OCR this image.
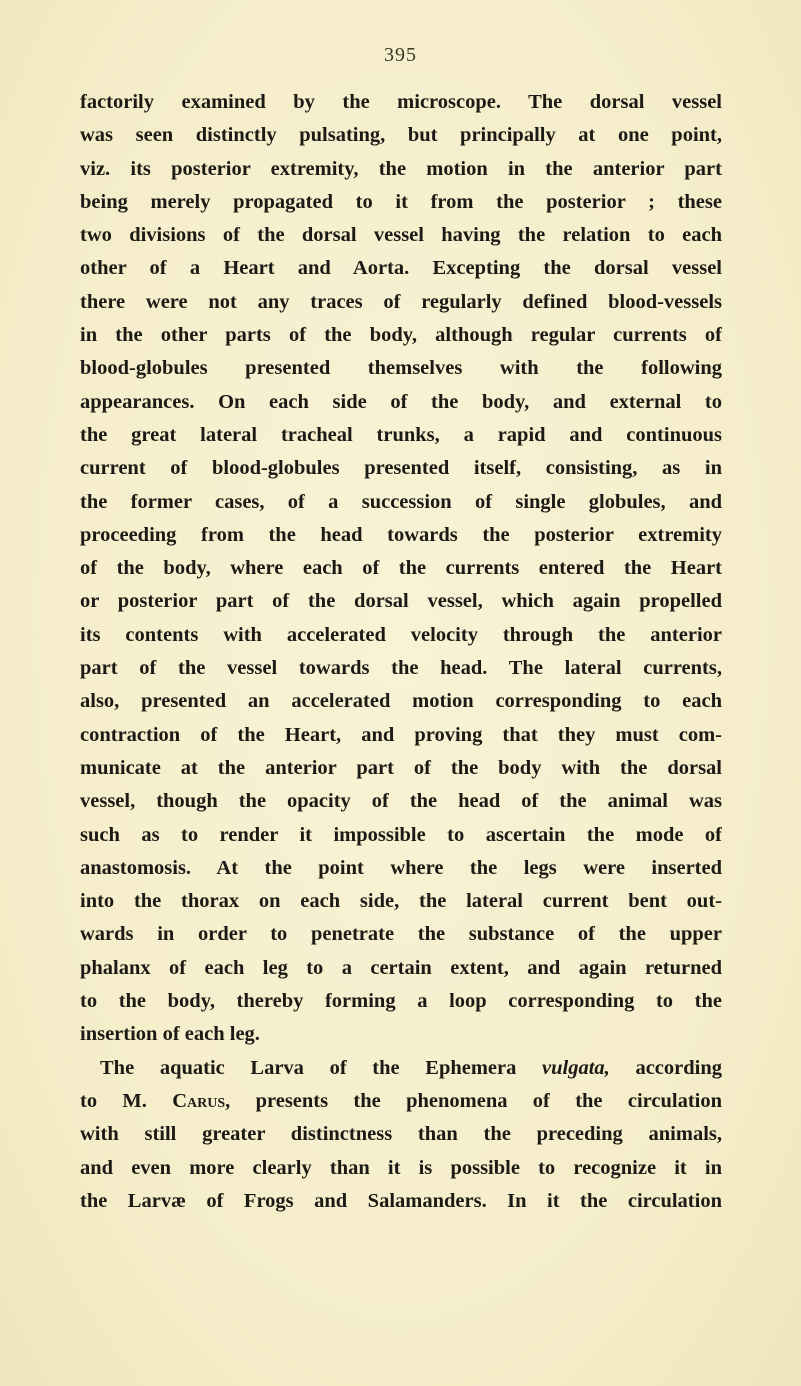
395
factorily examined by the microscope. The dorsal vessel
was seen distinctly pulsating, but principally at one point,
viz. its posterior extremity, the motion in the anterior part
being merely propagated to it from the posterior ; these
two divisions of the dorsal vessel having the relation to each
other of a Heart and Aorta. Excepting the dorsal vessel
there were not any traces of regularly defined blood-vessels
in the other parts of the body, although regular currents of
blood-globules presented themselves with the following
appearances. On each side of the body, and external to
the great lateral tracheal trunks, a rapid and continuous
current of blood-globules presented itself, consisting, as in
the former cases, of a succession of single globules, and
proceeding from the head towards the posterior extremity
of the body, where each of the currents entered the Heart
or posterior part of the dorsal vessel, which again propelled
its contents with accelerated velocity through the anterior
part of the vessel towards the head. The lateral currents,
also, presented an accelerated motion corresponding to each
contraction of the Heart, and proving that they must com-
municate at the anterior part of the body with the dorsal
vessel, though the opacity of the head of the animal was
such as to render it impossible to ascertain the mode of
anastomosis. At the point where the legs were inserted
into the thorax on each side, the lateral current bent out-
wards in order to penetrate the substance of the upper
phalanx of each leg to a certain extent, and again returned
to the body, thereby forming a loop corresponding to the
insertion of each leg.
The aquatic Larva of the Ephemera vulgata, according
to M. Carus, presents the phenomena of the circulation
with still greater distinctness than the preceding animals,
and even more clearly than it is possible to recognize it in
the Larvæ of Frogs and Salamanders. In it the circulation
